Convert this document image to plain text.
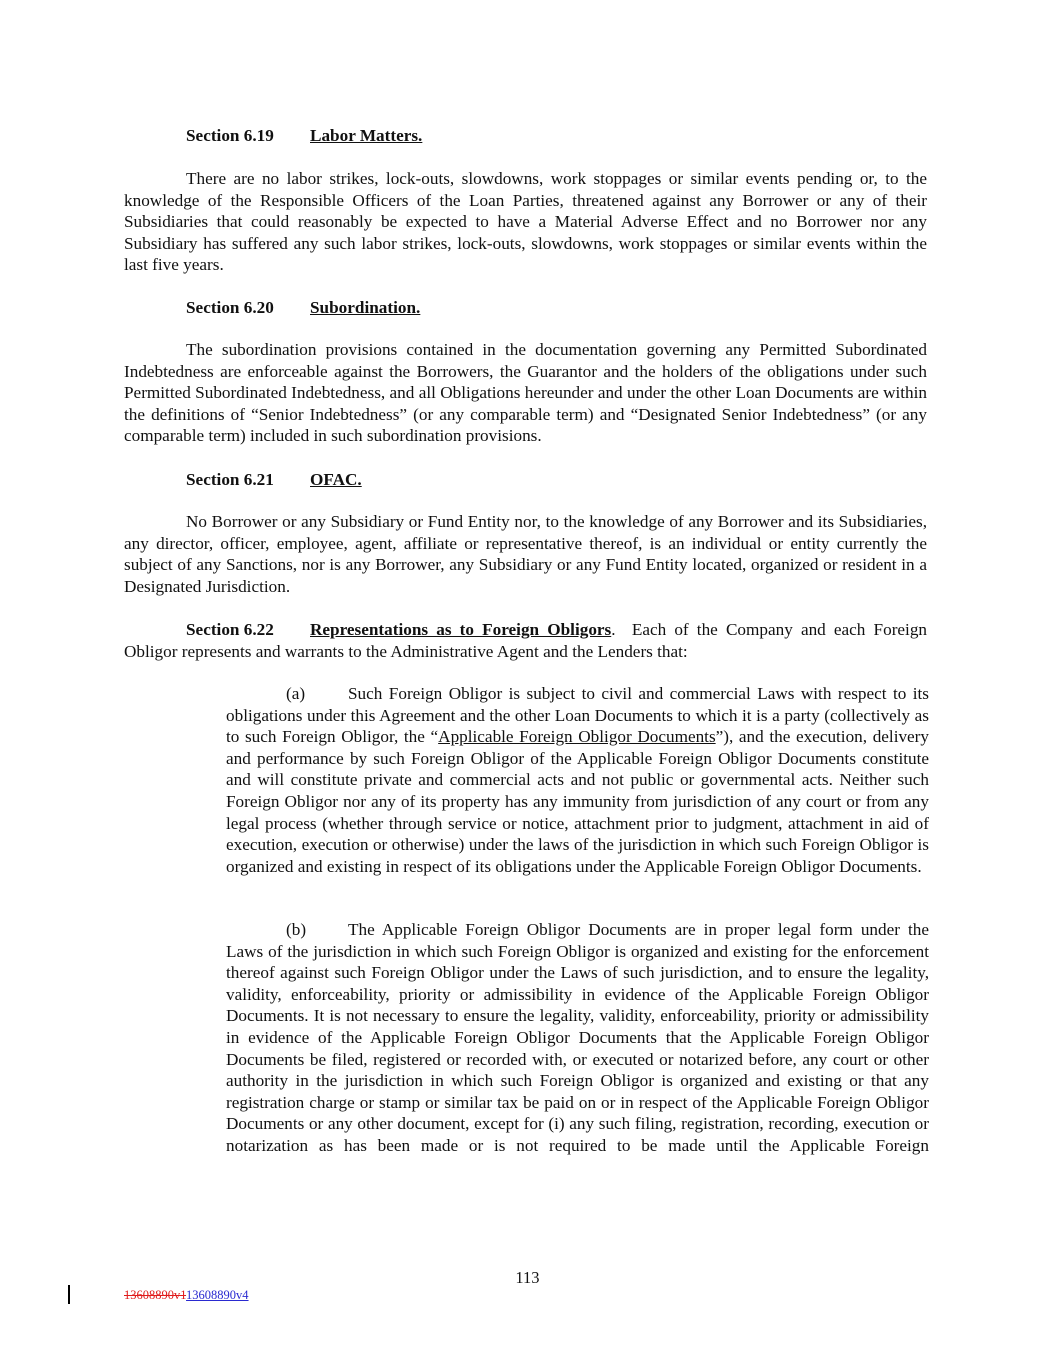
Section 6.19 Labor Matters.

There are no labor strikes, lock-outs, slowdowns, work stoppages or similar events pending or, to the knowledge of the Responsible Officers of the Loan Parties, threatened against any Borrower or any of their Subsidiaries that could reasonably be expected to have a Material Adverse Effect and no Borrower nor any Subsidiary has suffered any such labor strikes, lock-outs, slowdowns, work stoppages or similar events within the last five years.

Section 6.20 Subordination.

The subordination provisions contained in the documentation governing any Permitted Subordinated Indebtedness are enforceable against the Borrowers, the Guarantor and the holders of the obligations under such Permitted Subordinated Indebtedness, and all Obligations hereunder and under the other Loan Documents are within the definitions of “Senior Indebtedness” (or any comparable term) and “Designated Senior Indebtedness” (or any comparable term) included in such subordination provisions.

Section 6.21 OFAC.

No Borrower or any Subsidiary or Fund Entity nor, to the knowledge of any Borrower and its Subsidiaries, any director, officer, employee, agent, affiliate or representative thereof, is an individual or entity currently the subject of any Sanctions, nor is any Borrower, any Subsidiary or any Fund Entity located, organized or resident in a Designated Jurisdiction.

Section 6.22 Representations as to Foreign Obligors. Each of the Company and each Foreign Obligor represents and warrants to the Administrative Agent and the Lenders that:

(a) Such Foreign Obligor is subject to civil and commercial Laws with respect to its obligations under this Agreement and the other Loan Documents to which it is a party (collectively as to such Foreign Obligor, the “Applicable Foreign Obligor Documents”), and the execution, delivery and performance by such Foreign Obligor of the Applicable Foreign Obligor Documents constitute and will constitute private and commercial acts and not public or governmental acts. Neither such Foreign Obligor nor any of its property has any immunity from jurisdiction of any court or from any legal process (whether through service or notice, attachment prior to judgment, attachment in aid of execution, execution or otherwise) under the laws of the jurisdiction in which such Foreign Obligor is organized and existing in respect of its obligations under the Applicable Foreign Obligor Documents.

(b) The Applicable Foreign Obligor Documents are in proper legal form under the Laws of the jurisdiction in which such Foreign Obligor is organized and existing for the enforcement thereof against such Foreign Obligor under the Laws of such jurisdiction, and to ensure the legality, validity, enforceability, priority or admissibility in evidence of the Applicable Foreign Obligor Documents. It is not necessary to ensure the legality, validity, enforceability, priority or admissibility in evidence of the Applicable Foreign Obligor Documents that the Applicable Foreign Obligor Documents be filed, registered or recorded with, or executed or notarized before, any court or other authority in the jurisdiction in which such Foreign Obligor is organized and existing or that any registration charge or stamp or similar tax be paid on or in respect of the Applicable Foreign Obligor Documents or any other document, except for (i) any such filing, registration, recording, execution or notarization as has been made or is not required to be made until the Applicable Foreign

113
13608890v113608890v4
